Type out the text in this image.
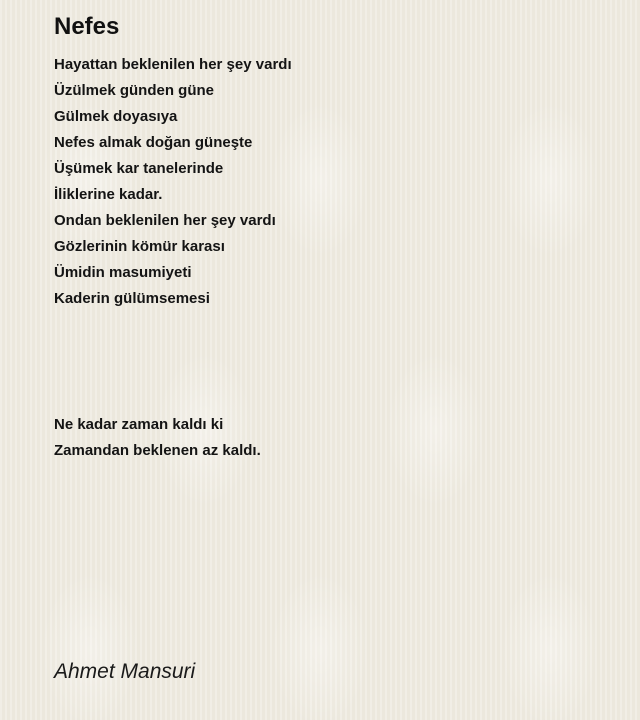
Nefes
Hayattan beklenilen her şey vardı
Üzülmek günden güne
Gülmek doyasıya
Nefes almak doğan güneşte
Üşümek kar tanelerinde
İliklerine kadar.
Ondan beklenilen her şey vardı
Gözlerinin kömür karası
Ümidin masumiyeti
Kaderin gülümsemesi
Ne kadar zaman kaldı ki
Zamandan beklenen az kaldı.

Ahmet Mansuri
